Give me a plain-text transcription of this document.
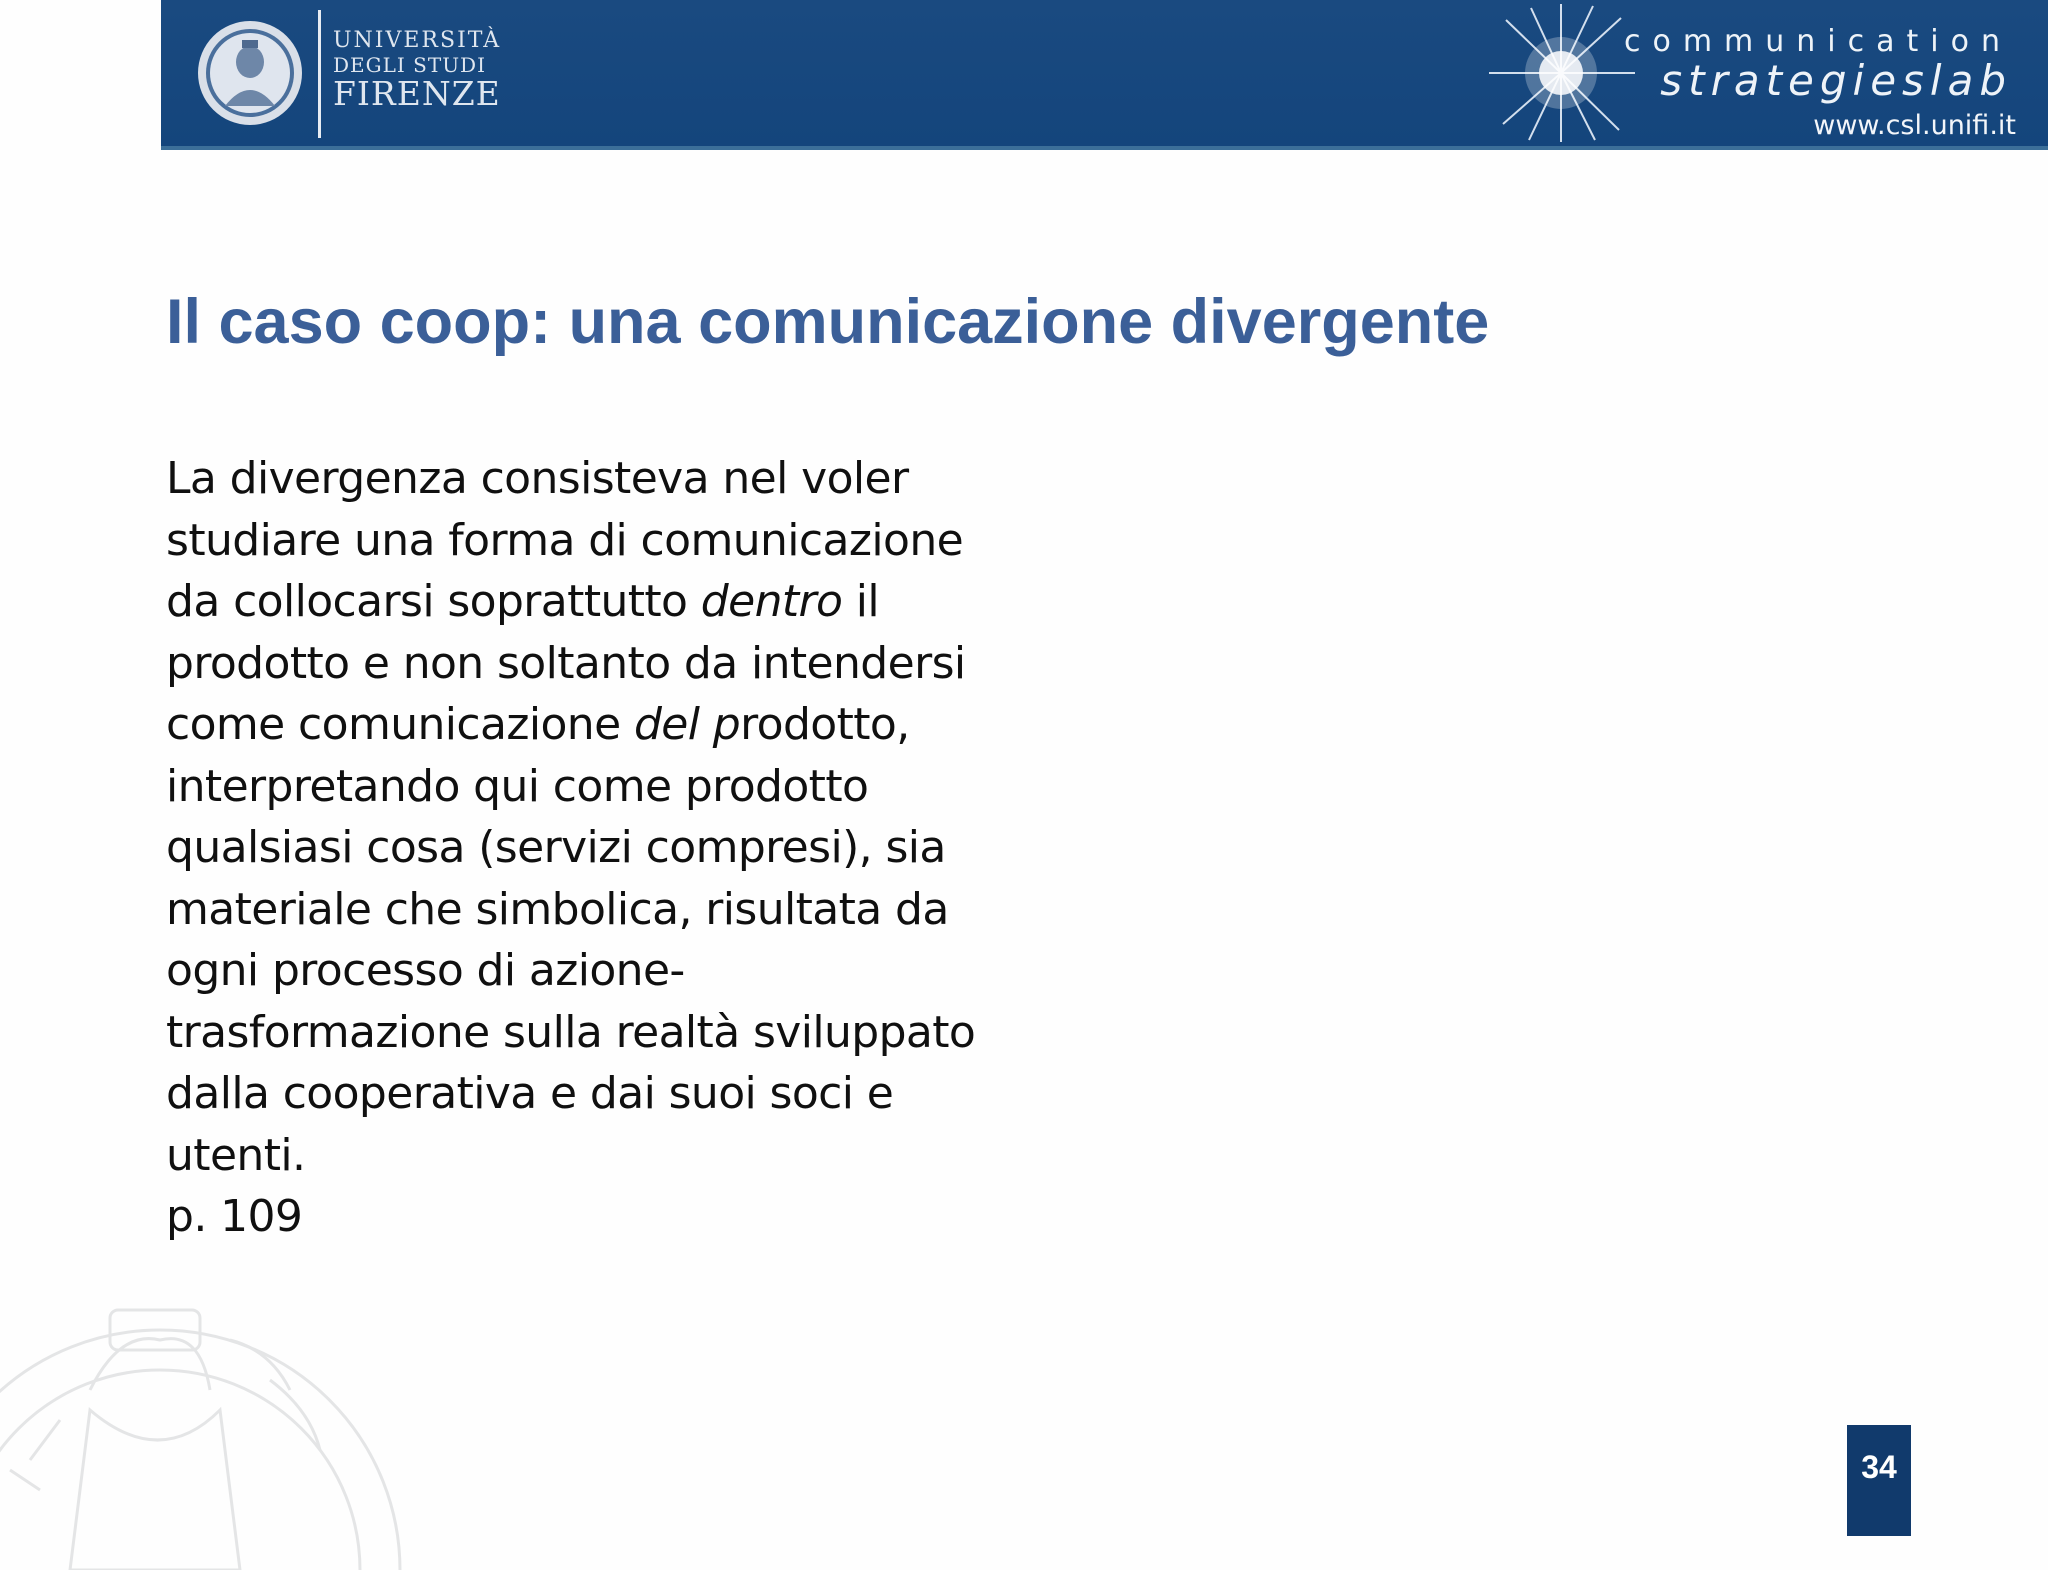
UNIVERSITÀ
DEGLI STUDI
FIRENZE
communication
strategieslab
www.csl.unifi.it
Il caso coop: una comunicazione divergente
La divergenza consisteva nel voler
studiare una forma di comunicazione
da collocarsi soprattutto dentro il
prodotto e non soltanto da intendersi
come comunicazione del prodotto,
interpretando qui come prodotto
qualsiasi cosa (servizi compresi), sia
materiale che simbolica, risultata da
ogni processo di azione-
trasformazione sulla realtà sviluppato
dalla cooperativa e dai suoi soci e
utenti.
p. 109
34
